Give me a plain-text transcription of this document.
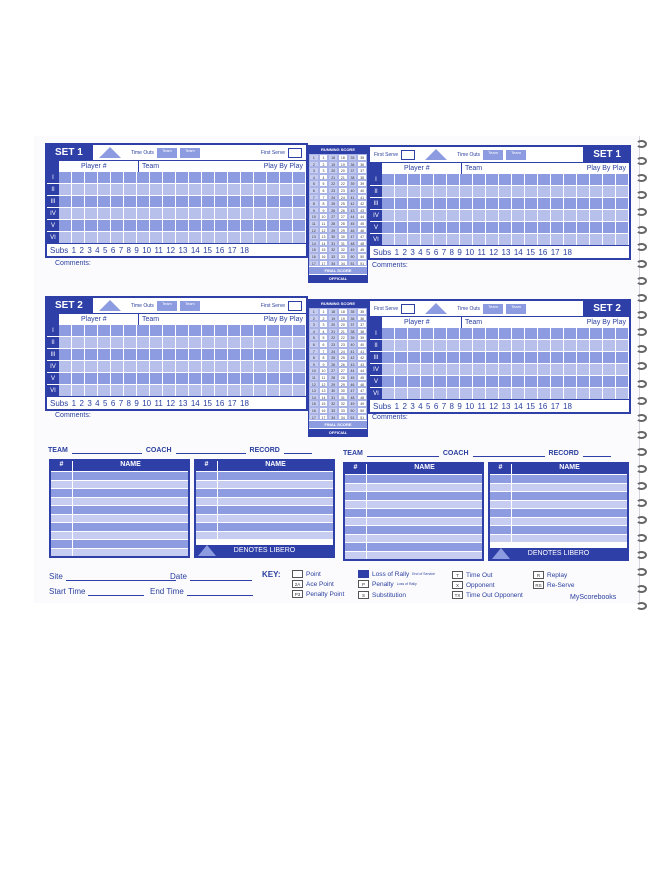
SET 1	Time Outs	Team	Team	First Serve
Player #	Team	Play By Play
I
II
III
IV
V
VI
Subs 1 2 3 4 5 6 7 8 9 10 11 12 13 14 15 16 17 18
First Serve	Time Outs	Team	Team	SET 1
Player #	Team	Play By Play
I
II
III
IV
V
VI
Subs 1 2 3 4 5 6 7 8 9 10 11 12 13 14 15 16 17 18
SET 2	Time Outs	Team	Team	First Serve
Player #	Team	Play By Play
I
II
III
IV
V
VI
Subs 1 2 3 4 5 6 7 8 9 10 11 12 13 14 15 16 17 18
First Serve	Time Outs	Team	Team	SET 2
Player #	Team	Play By Play
I
II
III
IV
V
VI
Subs 1 2 3 4 5 6 7 8 9 10 11 12 13 14 15 16 17 18
Comments:	Comments:
Comments:	Comments:
RUNNING SCORE
1	1	18	18	35	35
2	2	19	19	36	36
3	3	20	20	37	37
4	4	21	21	38	38
5	5	22	22	39	39
6	6	23	23	40	40
7	7	24	24	41	41
8	8	25	25	42	42
9	9	26	26	43	43
10	10	27	27	44	44
11	11	28	28	45	45
12	12	29	29	46	46
13	13	30	30	47	47
14	14	31	31	48	48
15	15	32	32	49	49
16	16	33	33	50	50
17	17	34	34	51	51
FINAL SCORE
OFFICIAL
RUNNING SCORE
1	1	18	18	35	35
2	2	19	19	36	36
3	3	20	20	37	37
4	4	21	21	38	38
5	5	22	22	39	39
6	6	23	23	40	40
7	7	24	24	41	41
8	8	25	25	42	42
9	9	26	26	43	43
10	10	27	27	44	44
11	11	28	28	45	45
12	12	29	29	46	46
13	13	30	30	47	47
14	14	31	31	48	48
15	15	32	32	49	49
16	16	33	33	50	50
17	17	34	34	51	51
FINAL SCORE
OFFICIAL
TEAM	COACH	RECORD	TEAM	COACH	RECORD
#	NAME	#	NAME
DENOTES LIBERO
#	NAME	#	NAME
DENOTES LIBERO
Site	Date
Start Time	End Time
KEY:	Point
2A Ace Point
P3 Penalty Point
Loss of Rally End of Service
P	Penalty Loss of Rally
S	Substitution
T	Time Out
X	Opponent
TX Time Out Opponent
R	Replay
RS Re-Serve
MyScorebooks
